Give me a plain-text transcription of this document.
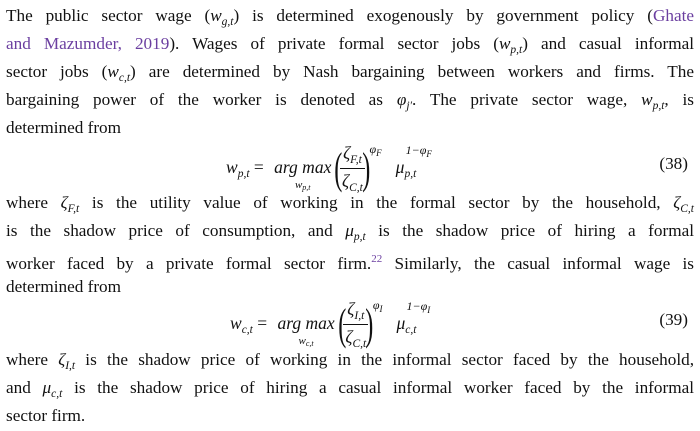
The public sector wage $(w_{g,t})$ is determined exogenously by government policy (Ghate
and Mazumder, 2019). Wages of private formal sector jobs $(w_{p,t})$ and casual informal
sector jobs $(w_{c,t})$ are determined by Nash bargaining between workers and firms. The
bargaining power of the worker is denoted as $\varphi_{j'}$. The private sector wage, $w_{p,t}$, is
determined from
$w_{p,t}$ = arg max
wp,t (
$\frac{\zeta_{F,t}}{\zeta_{C,t}}$
)$\varphi_F\mu_{p,t}$
$1-\varphi_F$	(38)
where $\zeta_{F,t}$ is the utility value of working in the formal sector by the household, $\zeta_{C,t}$
is the shadow price of consumption, and $\mu_{p,t}$ is the shadow price of hiring a formal
worker faced by a private formal sector firm.$^{22}$ Similarly, the casual informal wage is
determined from
$w_{c,t}$ = arg max
wc,t (
$\frac{\zeta_{I,t}}{\zeta_{C,t}}$
)$\varphi_I\mu_{c,t}$
$1-\varphi_I$	(39)
where $\zeta_{I,t}$ is the shadow price of working in the informal sector faced by the household,
and $\mu_{c,t}$ is the shadow price of hiring a casual informal worker faced by the informal
sector firm.
